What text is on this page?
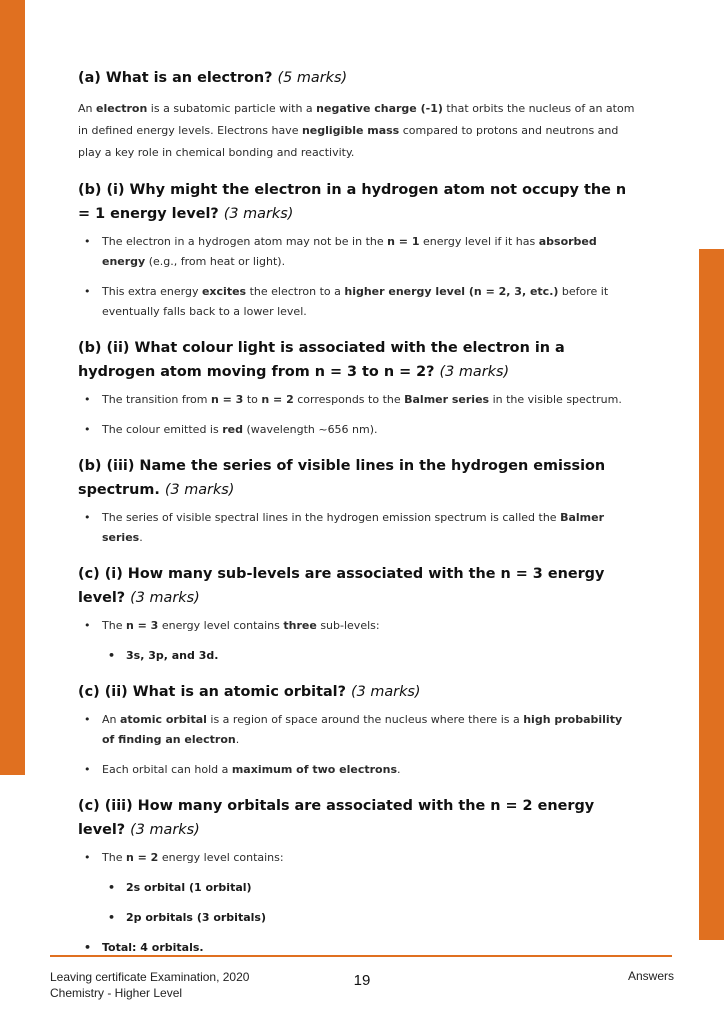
(a) What is an electron? (5 marks)

An electron is a subatomic particle with a negative charge (-1) that orbits the nucleus of an atom in defined energy levels. Electrons have negligible mass compared to protons and neutrons and play a key role in chemical bonding and reactivity.

(b) (i) Why might the electron in a hydrogen atom not occupy the n = 1 energy level? (3 marks)
• The electron in a hydrogen atom may not be in the n = 1 energy level if it has absorbed energy (e.g., from heat or light).
• This extra energy excites the electron to a higher energy level (n = 2, 3, etc.) before it eventually falls back to a lower level.
(b) (ii) What colour light is associated with the electron in a hydrogen atom moving from n = 3 to n = 2? (3 marks)
• The transition from n = 3 to n = 2 corresponds to the Balmer series in the visible spectrum.
• The colour emitted is red (wavelength ~656 nm).
(b) (iii) Name the series of visible lines in the hydrogen emission spectrum. (3 marks)
• The series of visible spectral lines in the hydrogen emission spectrum is called the Balmer series.
(c) (i) How many sub-levels are associated with the n = 3 energy level? (3 marks)
• The n = 3 energy level contains three sub-levels:
• 3s, 3p, and 3d.
(c) (ii) What is an atomic orbital? (3 marks)
• An atomic orbital is a region of space around the nucleus where there is a high probability of finding an electron.
• Each orbital can hold a maximum of two electrons.
(c) (iii) How many orbitals are associated with the n = 2 energy level? (3 marks)
• The n = 2 energy level contains:
• 2s orbital (1 orbital)
• 2p orbitals (3 orbitals)
• Total: 4 orbitals.
Leaving certificate Examination, 2020
Chemistry - Higher Level
19	Answers
